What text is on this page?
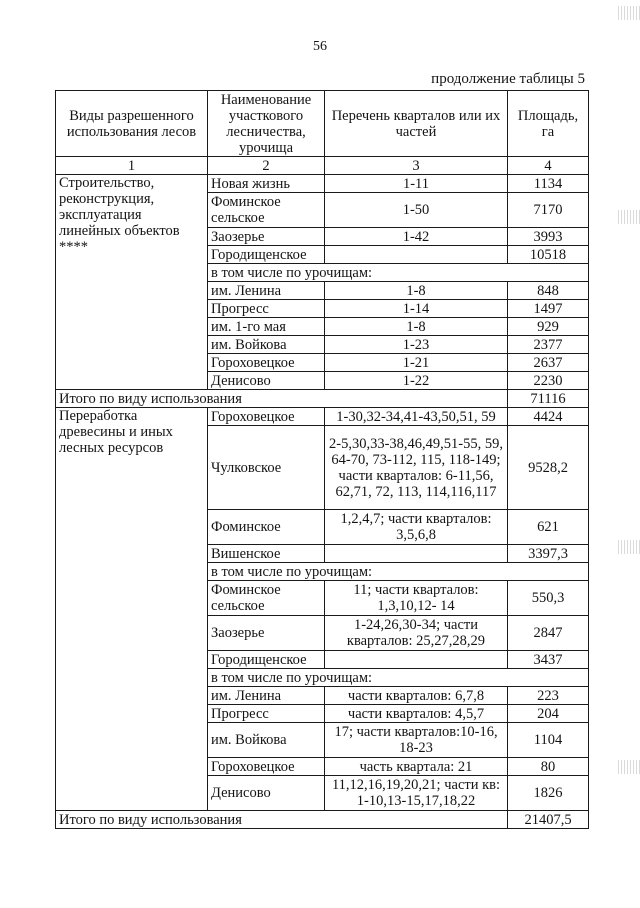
56
продолжение таблицы 5
Виды разрешенного использования лесов	Наименование участкового лесничества, урочища	Перечень кварталов или их частей	Площадь, га
1	2	3	4
Строительство, реконструкция, эксплуатация линейных объектов ****	Новая жизнь	1-11	1134
	Фоминское сельское	1-50	7170
	Заозерье	1-42	3993
	Городищенское		10518
	в том числе по урочищам:		
	им. Ленина	1-8	848
	Прогресс	1-14	1497
	им. 1-го мая	1-8	929
	им. Войкова	1-23	2377
	Гороховецкое	1-21	2637
	Денисово	1-22	2230
Итого по виду использования			71116
Переработка древесины и иных лесных ресурсов	Гороховецкое	1-30,32-34,41-43,50,51, 59	4424
	Чулковское	2-5,30,33-38,46,49,51-55, 59, 64-70, 73-112, 115, 118-149; части кварталов: 6-11,56, 62,71, 72, 113, 114,116,117	9528,2
	Фоминское	1,2,4,7; части кварталов: 3,5,6,8	621
	Вишенское		3397,3
	в том числе по урочищам:		
	Фоминское сельское	11; части кварталов: 1,3,10,12- 14	550,3
	Заозерье	1-24,26,30-34; части кварталов: 25,27,28,29	2847
	Городищенское		3437
	в том числе по урочищам:		
	им. Ленина	части кварталов: 6,7,8	223
	Прогресс	части кварталов: 4,5,7	204
	им. Войкова	17; части кварталов:10-16, 18-23	1104
	Гороховецкое	часть квартала: 21	80
	Денисово	11,12,16,19,20,21; части кв: 1-10,13-15,17,18,22	1826
Итого по виду использования			21407,5
